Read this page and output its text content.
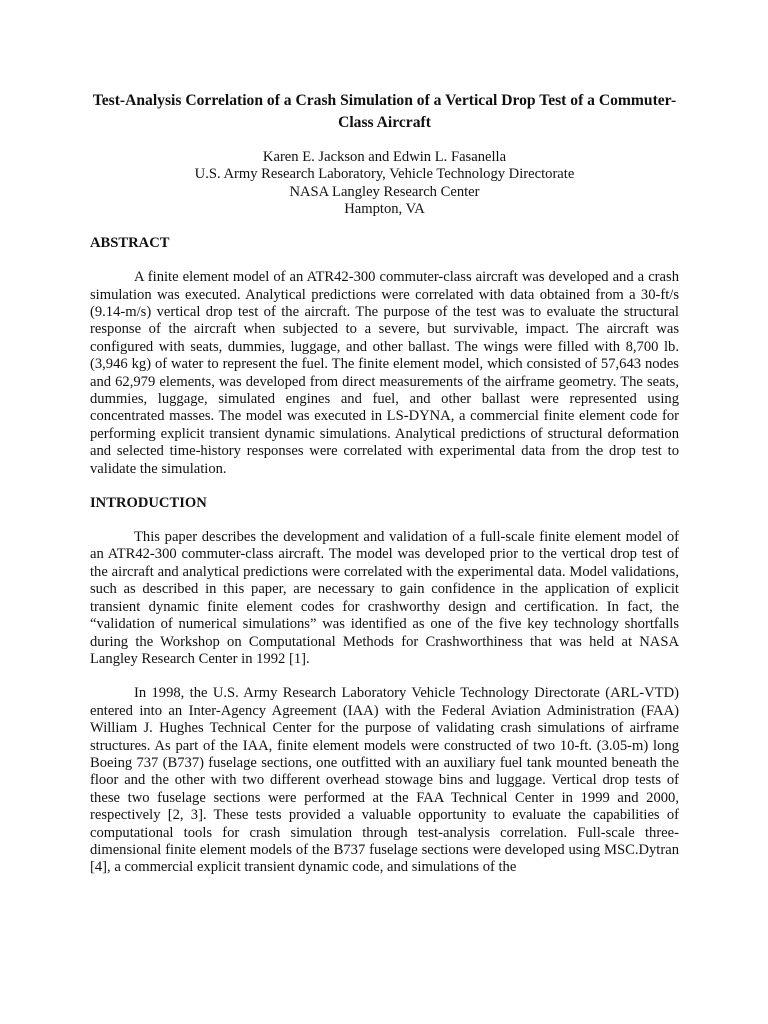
Test-Analysis Correlation of a Crash Simulation of a Vertical Drop Test of a Commuter-Class Aircraft
Karen E. Jackson and Edwin L. Fasanella
U.S. Army Research Laboratory, Vehicle Technology Directorate
NASA Langley Research Center
Hampton, VA
ABSTRACT

A finite element model of an ATR42-300 commuter-class aircraft was developed and a crash simulation was executed. Analytical predictions were correlated with data obtained from a 30-ft/s (9.14-m/s) vertical drop test of the aircraft. The purpose of the test was to evaluate the structural response of the aircraft when subjected to a severe, but survivable, impact. The aircraft was configured with seats, dummies, luggage, and other ballast. The wings were filled with 8,700 lb. (3,946 kg) of water to represent the fuel. The finite element model, which consisted of 57,643 nodes and 62,979 elements, was developed from direct measurements of the airframe geometry. The seats, dummies, luggage, simulated engines and fuel, and other ballast were represented using concentrated masses. The model was executed in LS-DYNA, a commercial finite element code for performing explicit transient dynamic simulations. Analytical predictions of structural deformation and selected time-history responses were correlated with experimental data from the drop test to validate the simulation.

INTRODUCTION

This paper describes the development and validation of a full-scale finite element model of an ATR42-300 commuter-class aircraft. The model was developed prior to the vertical drop test of the aircraft and analytical predictions were correlated with the experimental data. Model validations, such as described in this paper, are necessary to gain confidence in the application of explicit transient dynamic finite element codes for crashworthy design and certification. In fact, the “validation of numerical simulations” was identified as one of the five key technology shortfalls during the Workshop on Computational Methods for Crashworthiness that was held at NASA Langley Research Center in 1992 [1].

In 1998, the U.S. Army Research Laboratory Vehicle Technology Directorate (ARL-VTD) entered into an Inter-Agency Agreement (IAA) with the Federal Aviation Administration (FAA) William J. Hughes Technical Center for the purpose of validating crash simulations of airframe structures. As part of the IAA, finite element models were constructed of two 10-ft. (3.05-m) long Boeing 737 (B737) fuselage sections, one outfitted with an auxiliary fuel tank mounted beneath the floor and the other with two different overhead stowage bins and luggage. Vertical drop tests of these two fuselage sections were performed at the FAA Technical Center in 1999 and 2000, respectively [2, 3]. These tests provided a valuable opportunity to evaluate the capabilities of computational tools for crash simulation through test-analysis correlation. Full-scale three-dimensional finite element models of the B737 fuselage sections were developed using MSC.Dytran [4], a commercial explicit transient dynamic code, and simulations of the
